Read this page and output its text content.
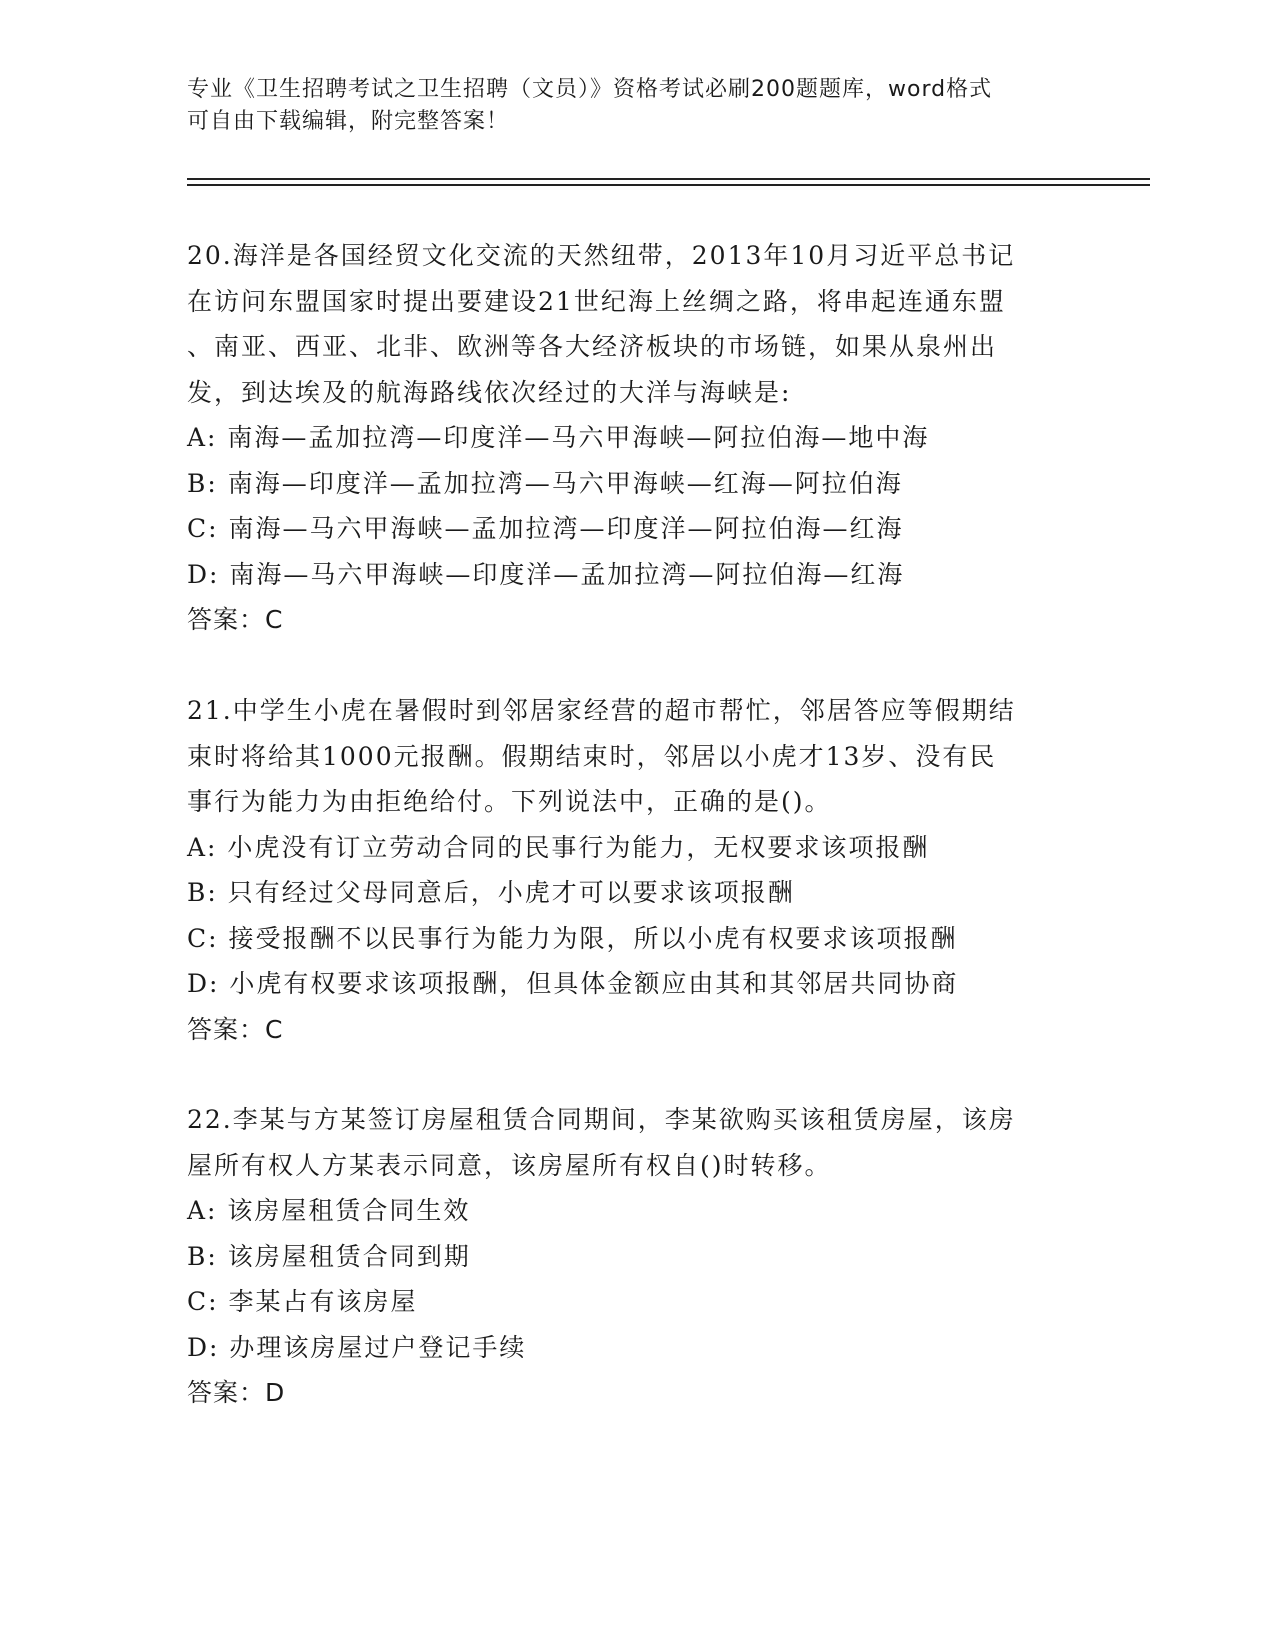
专业《卫生招聘考试之卫生招聘（文员）》资格考试必刷200题题库，word格式
可自由下载编辑，附完整答案！
20.海洋是各国经贸文化交流的天然纽带，2013年10月习近平总书记
在访问东盟国家时提出要建设21世纪海上丝绸之路，将串起连通东盟
、南亚、西亚、北非、欧洲等各大经济板块的市场链，如果从泉州出
发，到达埃及的航海路线依次经过的大洋与海峡是:
A: 南海—孟加拉湾—印度洋—马六甲海峡—阿拉伯海—地中海
B: 南海—印度洋—孟加拉湾—马六甲海峡—红海—阿拉伯海
C: 南海—马六甲海峡—孟加拉湾—印度洋—阿拉伯海—红海
D: 南海—马六甲海峡—印度洋—孟加拉湾—阿拉伯海—红海
答案：C
21.中学生小虎在暑假时到邻居家经营的超市帮忙，邻居答应等假期结
束时将给其1000元报酬。假期结束时，邻居以小虎才13岁、没有民
事行为能力为由拒绝给付。下列说法中，正确的是()。
A: 小虎没有订立劳动合同的民事行为能力，无权要求该项报酬
B: 只有经过父母同意后，小虎才可以要求该项报酬
C: 接受报酬不以民事行为能力为限，所以小虎有权要求该项报酬
D: 小虎有权要求该项报酬，但具体金额应由其和其邻居共同协商
答案：C
22.李某与方某签订房屋租赁合同期间，李某欲购买该租赁房屋，该房
屋所有权人方某表示同意，该房屋所有权自()时转移。
A: 该房屋租赁合同生效
B: 该房屋租赁合同到期
C: 李某占有该房屋
D: 办理该房屋过户登记手续
答案：D
